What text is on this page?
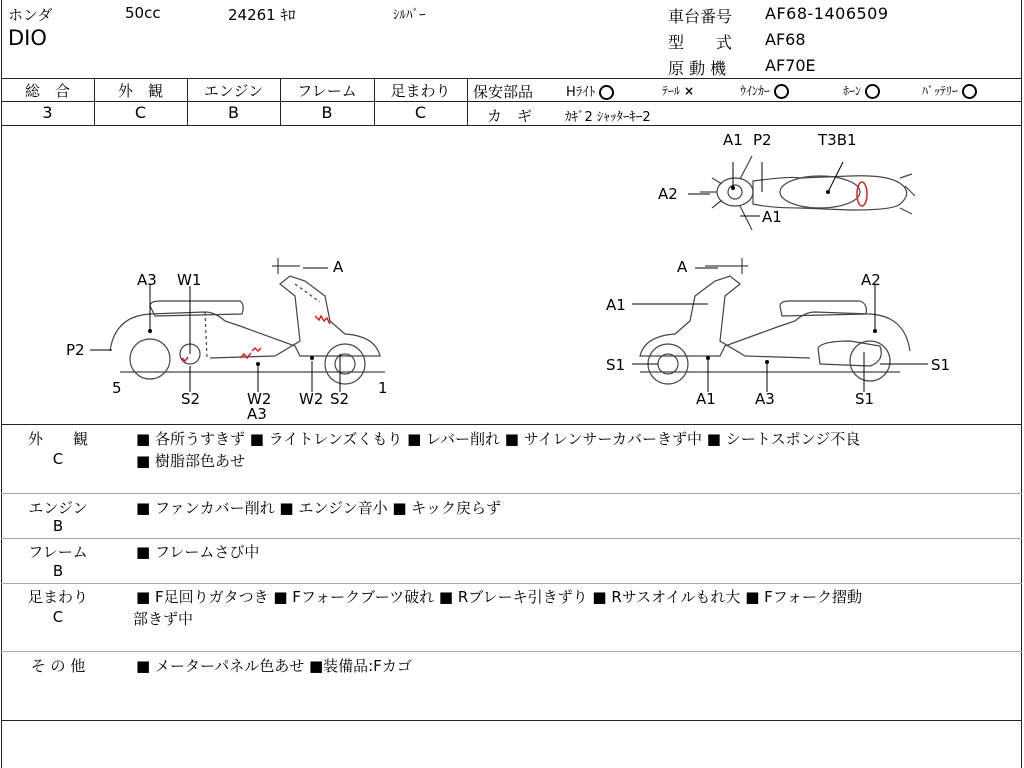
ホンダ	50cc	24261 ｷﾛ	ｼﾙﾊﾞｰ
DIO
車台番号 AF68-1406509
型　　式 AF68
原 動 機 AF70E
総　合	外　観	エンジン	フレーム	足まわり
3	C	B	B	C
保安部品	Hﾗｲﾄ	ﾃｰﾙ ×	ｳｲﾝｶｰ	ﾎｰﾝ	ﾊﾞｯﾃﾘｰ
カ　ギ	ｶｷﾞ2 ｼｬｯﾀｰｷｰ2
A1 P2	T3B1
A2
A1
A
A3 W1
P2
5
S2	W2
A3
W2 S2
1
A
A2
A1
S1	S1
A1	A3	S1
外　　観
C
■ 各所うすきず ■ ライトレンズくもり ■ レバー削れ ■ サイレンサーカバーきず中 ■ シートスポンジ不良
■ 樹脂部色あせ
エンジン
B
■ ファンカバー削れ ■ エンジン音小 ■ キック戻らず
フレーム
B
■ フレームさび中
足まわり
C
■ F足回りガタつき ■ Fフォークブーツ破れ ■ Rブレーキ引きずり ■ Rサスオイルもれ大 ■ Fフォーク摺動
部きず中
そ の 他	■ メーターパネル色あせ ■装備品:Fカゴ
